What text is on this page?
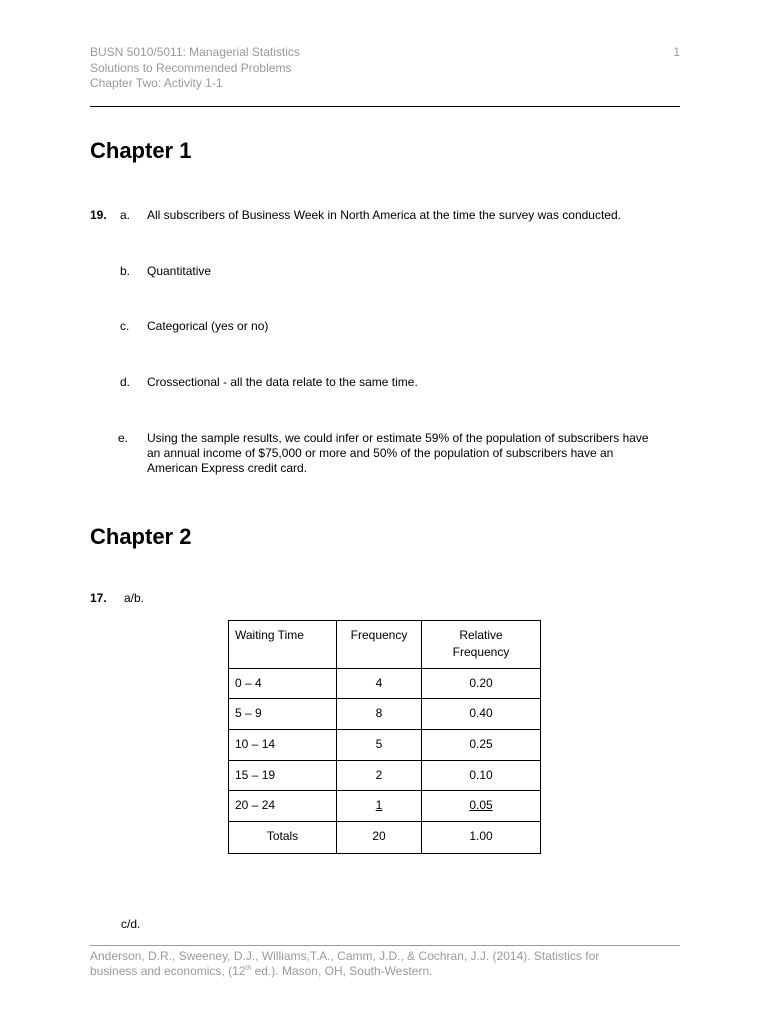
BUSN 5010/5011: Managerial Statistics
Solutions to Recommended Problems
Chapter Two: Activity 1-1
1
Chapter 1
19. a. All subscribers of Business Week in North America at the time the survey was conducted.
b. Quantitative
c. Categorical (yes or no)
d. Crossectional - all the data relate to the same time.
e. Using the sample results, we could infer or estimate 59% of the population of subscribers have
an annual income of $75,000 or more and 50% of the population of subscribers have an
American Express credit card.
Chapter 2
17. a/b.
Waiting Time	Frequency	Relative
Frequency

0 – 4	4	0.20

5 – 9	8	0.40

10 – 14	5	0.25

15 – 19	2	0.10

20 – 24	1	0.05

Totals	20	1.00
c/d.
Anderson, D.R., Sweeney, D.J., Williams,T.A., Camm, J.D., & Cochran, J.J. (2014). Statistics for
business and economics, (12th ed.). Mason, OH, South-Western.
